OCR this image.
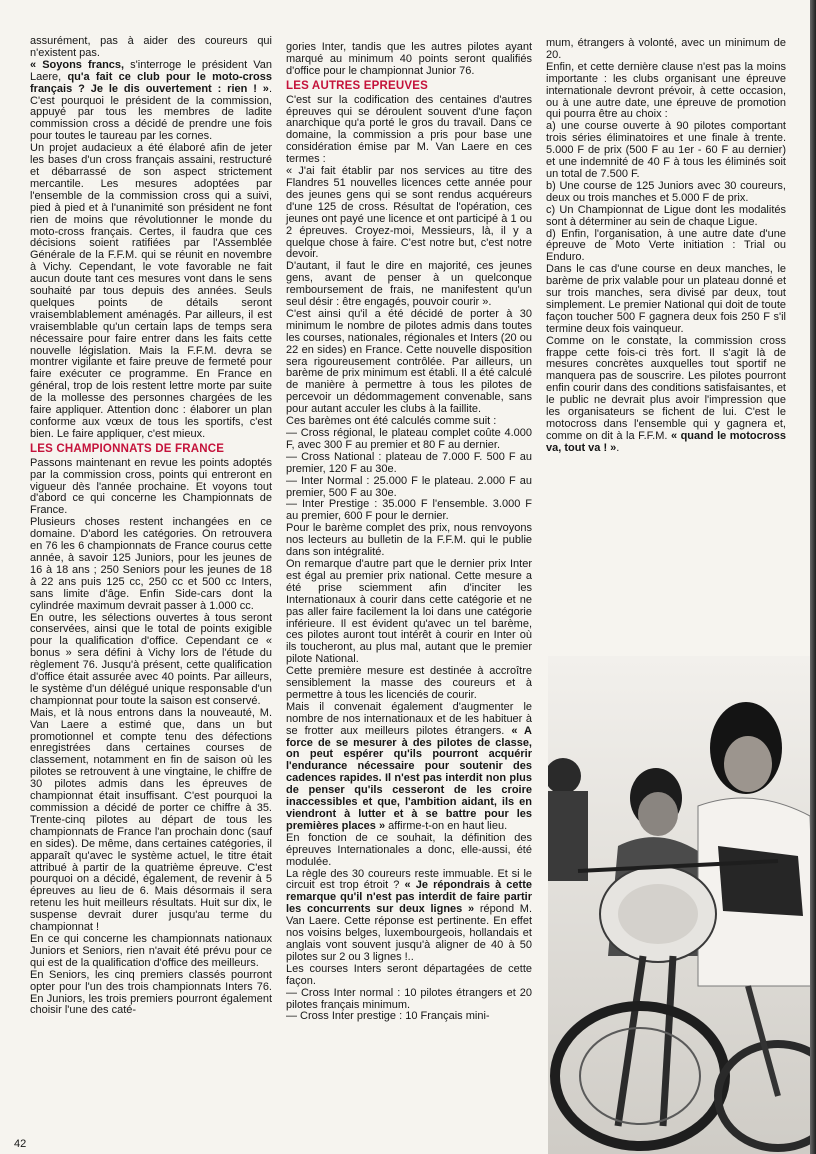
assurément, pas à aider des coureurs qui n'existent pas.

« Soyons francs, s'interroge le président Van Laere, qu'a fait ce club pour le moto-cross français ? Je le dis ouvertement : rien ! ». C'est pourquoi le président de la commission, appuyé par tous les membres de ladite commission cross a décidé de prendre une fois pour toutes le taureau par les cornes.

Un projet audacieux a été élaboré afin de jeter les bases d'un cross français assaini, restructuré et débarrassé de son aspect strictement mercantile. Les mesures adoptées par l'ensemble de la commission cross qui a suivi, pied à pied et à l'unanimité son président ne font rien de moins que révolutionner le monde du moto-cross français. Certes, il faudra que ces décisions soient ratifiées par l'Assemblée Générale de la F.F.M. qui se réunit en novembre à Vichy. Cependant, le vote favorable ne fait aucun doute tant ces mesures vont dans le sens souhaité par tous depuis des années. Seuls quelques points de détails seront vraisemblablement aménagés. Par ailleurs, il est vraisemblable qu'un certain laps de temps sera nécessaire pour faire entrer dans les faits cette nouvelle législation. Mais la F.F.M. devra se montrer vigilante et faire preuve de fermeté pour faire exécuter ce programme. En France en général, trop de lois restent lettre morte par suite de la mollesse des personnes chargées de les faire appliquer. Attention donc : élaborer un plan conforme aux vœux de tous les sportifs, c'est bien. Le faire appliquer, c'est mieux.

LES CHAMPIONNATS DE FRANCE

Passons maintenant en revue les points adoptés par la commission cross, points qui entreront en vigueur dès l'année prochaine. Et voyons tout d'abord ce qui concerne les Championnats de France.

Plusieurs choses restent inchangées en ce domaine. D'abord les catégories. On retrouvera en 76 les 6 championnats de France courus cette année, à savoir 125 Juniors, pour les jeunes de 16 à 18 ans ; 250 Seniors pour les jeunes de 18 à 22 ans puis 125 cc, 250 cc et 500 cc Inters, sans limite d'âge. Enfin Side-cars dont la cylindrée maximum devrait passer à 1.000 cc.

En outre, les sélections ouvertes à tous seront conservées, ainsi que le total de points exigible pour la qualification d'office. Cependant ce « bonus » sera défini à Vichy lors de l'étude du règlement 76. Jusqu'à présent, cette qualification d'office était assurée avec 40 points. Par ailleurs, le système d'un délégué unique responsable d'un championnat pour toute la saison est conservé.

Mais, et là nous entrons dans la nouveauté, M. Van Laere a estimé que, dans un but promotionnel et compte tenu des défections enregistrées dans certaines courses de classement, notamment en fin de saison où les pilotes se retrouvent à une vingtaine, le chiffre de 30 pilotes admis dans les épreuves de championnat était insuffisant. C'est pourquoi la commission a décidé de porter ce chiffre à 35. Trente-cinq pilotes au départ de tous les championnats de France l'an prochain donc (sauf en sides). De même, dans certaines catégories, il apparaît qu'avec le système actuel, le titre était attribué à partir de la quatrième épreuve. C'est pourquoi on a décidé, également, de revenir à 5 épreuves au lieu de 6. Mais désormais il sera retenu les huit meilleurs résultats. Huit sur dix, le suspense devrait durer jusqu'au terme du championnat !

En ce qui concerne les championnats nationaux Juniors et Seniors, rien n'avait été prévu pour ce qui est de la qualification d'office des meilleurs.

En Seniors, les cinq premiers classés pourront opter pour l'un des trois championnats Inters 76. En Juniors, les trois premiers pourront également choisir l'une des caté-

gories Inter, tandis que les autres pilotes ayant marqué au minimum 40 points seront qualifiés d'office pour le championnat Junior 76.

LES AUTRES EPREUVES

C'est sur la codification des centaines d'autres épreuves qui se déroulent souvent d'une façon anarchique qu'a porté le gros du travail. Dans ce domaine, la commission a pris pour base une considération émise par M. Van Laere en ces termes :

« J'ai fait établir par nos services au titre des Flandres 51 nouvelles licences cette année pour des jeunes gens qui se sont rendus acquéreurs d'une 125 de cross. Résultat de l'opération, ces jeunes ont payé une licence et ont participé à 1 ou 2 épreuves. Croyez-moi, Messieurs, là, il y a quelque chose à faire. C'est notre but, c'est notre devoir.

D'autant, il faut le dire en majorité, ces jeunes gens, avant de penser à un quelconque remboursement de frais, ne manifestent qu'un seul désir : être engagés, pouvoir courir ».

C'est ainsi qu'il a été décidé de porter à 30 minimum le nombre de pilotes admis dans toutes les courses, nationales, régionales et Inters (20 ou 22 en sides) en France. Cette nouvelle disposition sera rigoureusement contrôlée. Par ailleurs, un barème de prix minimum est établi. Il a été calculé de manière à permettre à tous les pilotes de percevoir un dédommagement convenable, sans pour autant acculer les clubs à la faillite.

Ces barèmes ont été calculés comme suit :

— Cross régional, le plateau complet coûte 4.000 F, avec 300 F au premier et 80 F au dernier.

— Cross National : plateau de 7.000 F. 500 F au premier, 120 F au 30e.

— Inter Normal : 25.000 F le plateau. 2.000 F au premier, 500 F au 30e.

— Inter Prestige : 35.000 F l'ensemble. 3.000 F au premier, 600 F pour le dernier.

Pour le barème complet des prix, nous renvoyons nos lecteurs au bulletin de la F.F.M. qui le publie dans son intégralité.

On remarque d'autre part que le dernier prix Inter est égal au premier prix national. Cette mesure a été prise sciemment afin d'inciter les Internationaux à courir dans cette catégorie et ne pas aller faire facilement la loi dans une catégorie inférieure. Il est évident qu'avec un tel barème, ces pilotes auront tout intérêt à courir en Inter où ils toucheront, au plus mal, autant que le premier pilote National.

Cette première mesure est destinée à accroître sensiblement la masse des coureurs et à permettre à tous les licenciés de courir.

Mais il convenait également d'augmenter le nombre de nos internationaux et de les habituer à se frotter aux meilleurs pilotes étrangers. « A force de se mesurer à des pilotes de classe, on peut espérer qu'ils pourront acquérir l'endurance nécessaire pour soutenir des cadences rapides. Il n'est pas interdit non plus de penser qu'ils cesseront de les croire inaccessibles et que, l'ambition aidant, ils en viendront à lutter et à se battre pour les premières places » affirme-t-on en haut lieu.

En fonction de ce souhait, la définition des épreuves Internationales a donc, elle-aussi, été modulée.

La règle des 30 coureurs reste immuable. Et si le circuit est trop étroit ? « Je répondrais à cette remarque qu'il n'est pas interdit de faire partir les concurrents sur deux lignes » répond M. Van Laere. Cette réponse est pertinente. En effet nos voisins belges, luxembourgeois, hollandais et anglais vont souvent jusqu'à aligner de 40 à 50 pilotes sur 2 ou 3 lignes !..

Les courses Inters seront départagées de cette façon.

— Cross Inter normal : 10 pilotes étrangers et 20 pilotes français minimum.

— Cross Inter prestige : 10 Français mini-

mum, étrangers à volonté, avec un minimum de 20.

Enfin, et cette dernière clause n'est pas la moins importante : les clubs organisant une épreuve internationale devront prévoir, à cette occasion, ou à une autre date, une épreuve de promotion qui pourra être au choix :

a) une course ouverte à 90 pilotes comportant trois séries éliminatoires et une finale à trente. 5.000 F de prix (500 F au 1er - 60 F au dernier) et une indemnité de 40 F à tous les éliminés soit un total de 7.500 F.

b) Une course de 125 Juniors avec 30 coureurs, deux ou trois manches et 5.000 F de prix.

c) Un Championnat de Ligue dont les modalités sont à déterminer au sein de chaque Ligue.

d) Enfin, l'organisation, à une autre date d'une épreuve de Moto Verte initiation : Trial ou Enduro.

Dans le cas d'une course en deux manches, le barème de prix valable pour un plateau donné et sur trois manches, sera divisé par deux, tout simplement. Le premier National qui doit de toute façon toucher 500 F gagnera deux fois 250 F s'il termine deux fois vainqueur.

Comme on le constate, la commission cross frappe cette fois-ci très fort. Il s'agit là de mesures concrètes auxquelles tout sportif ne manquera pas de souscrire. Les pilotes pourront enfin courir dans des conditions satisfaisantes, et le public ne devrait plus avoir l'impression que les organisateurs se fichent de lui. C'est le motocross dans l'ensemble qui y gagnera et, comme on dit à la F.F.M. « quand le motocross va, tout va ! ».

42
